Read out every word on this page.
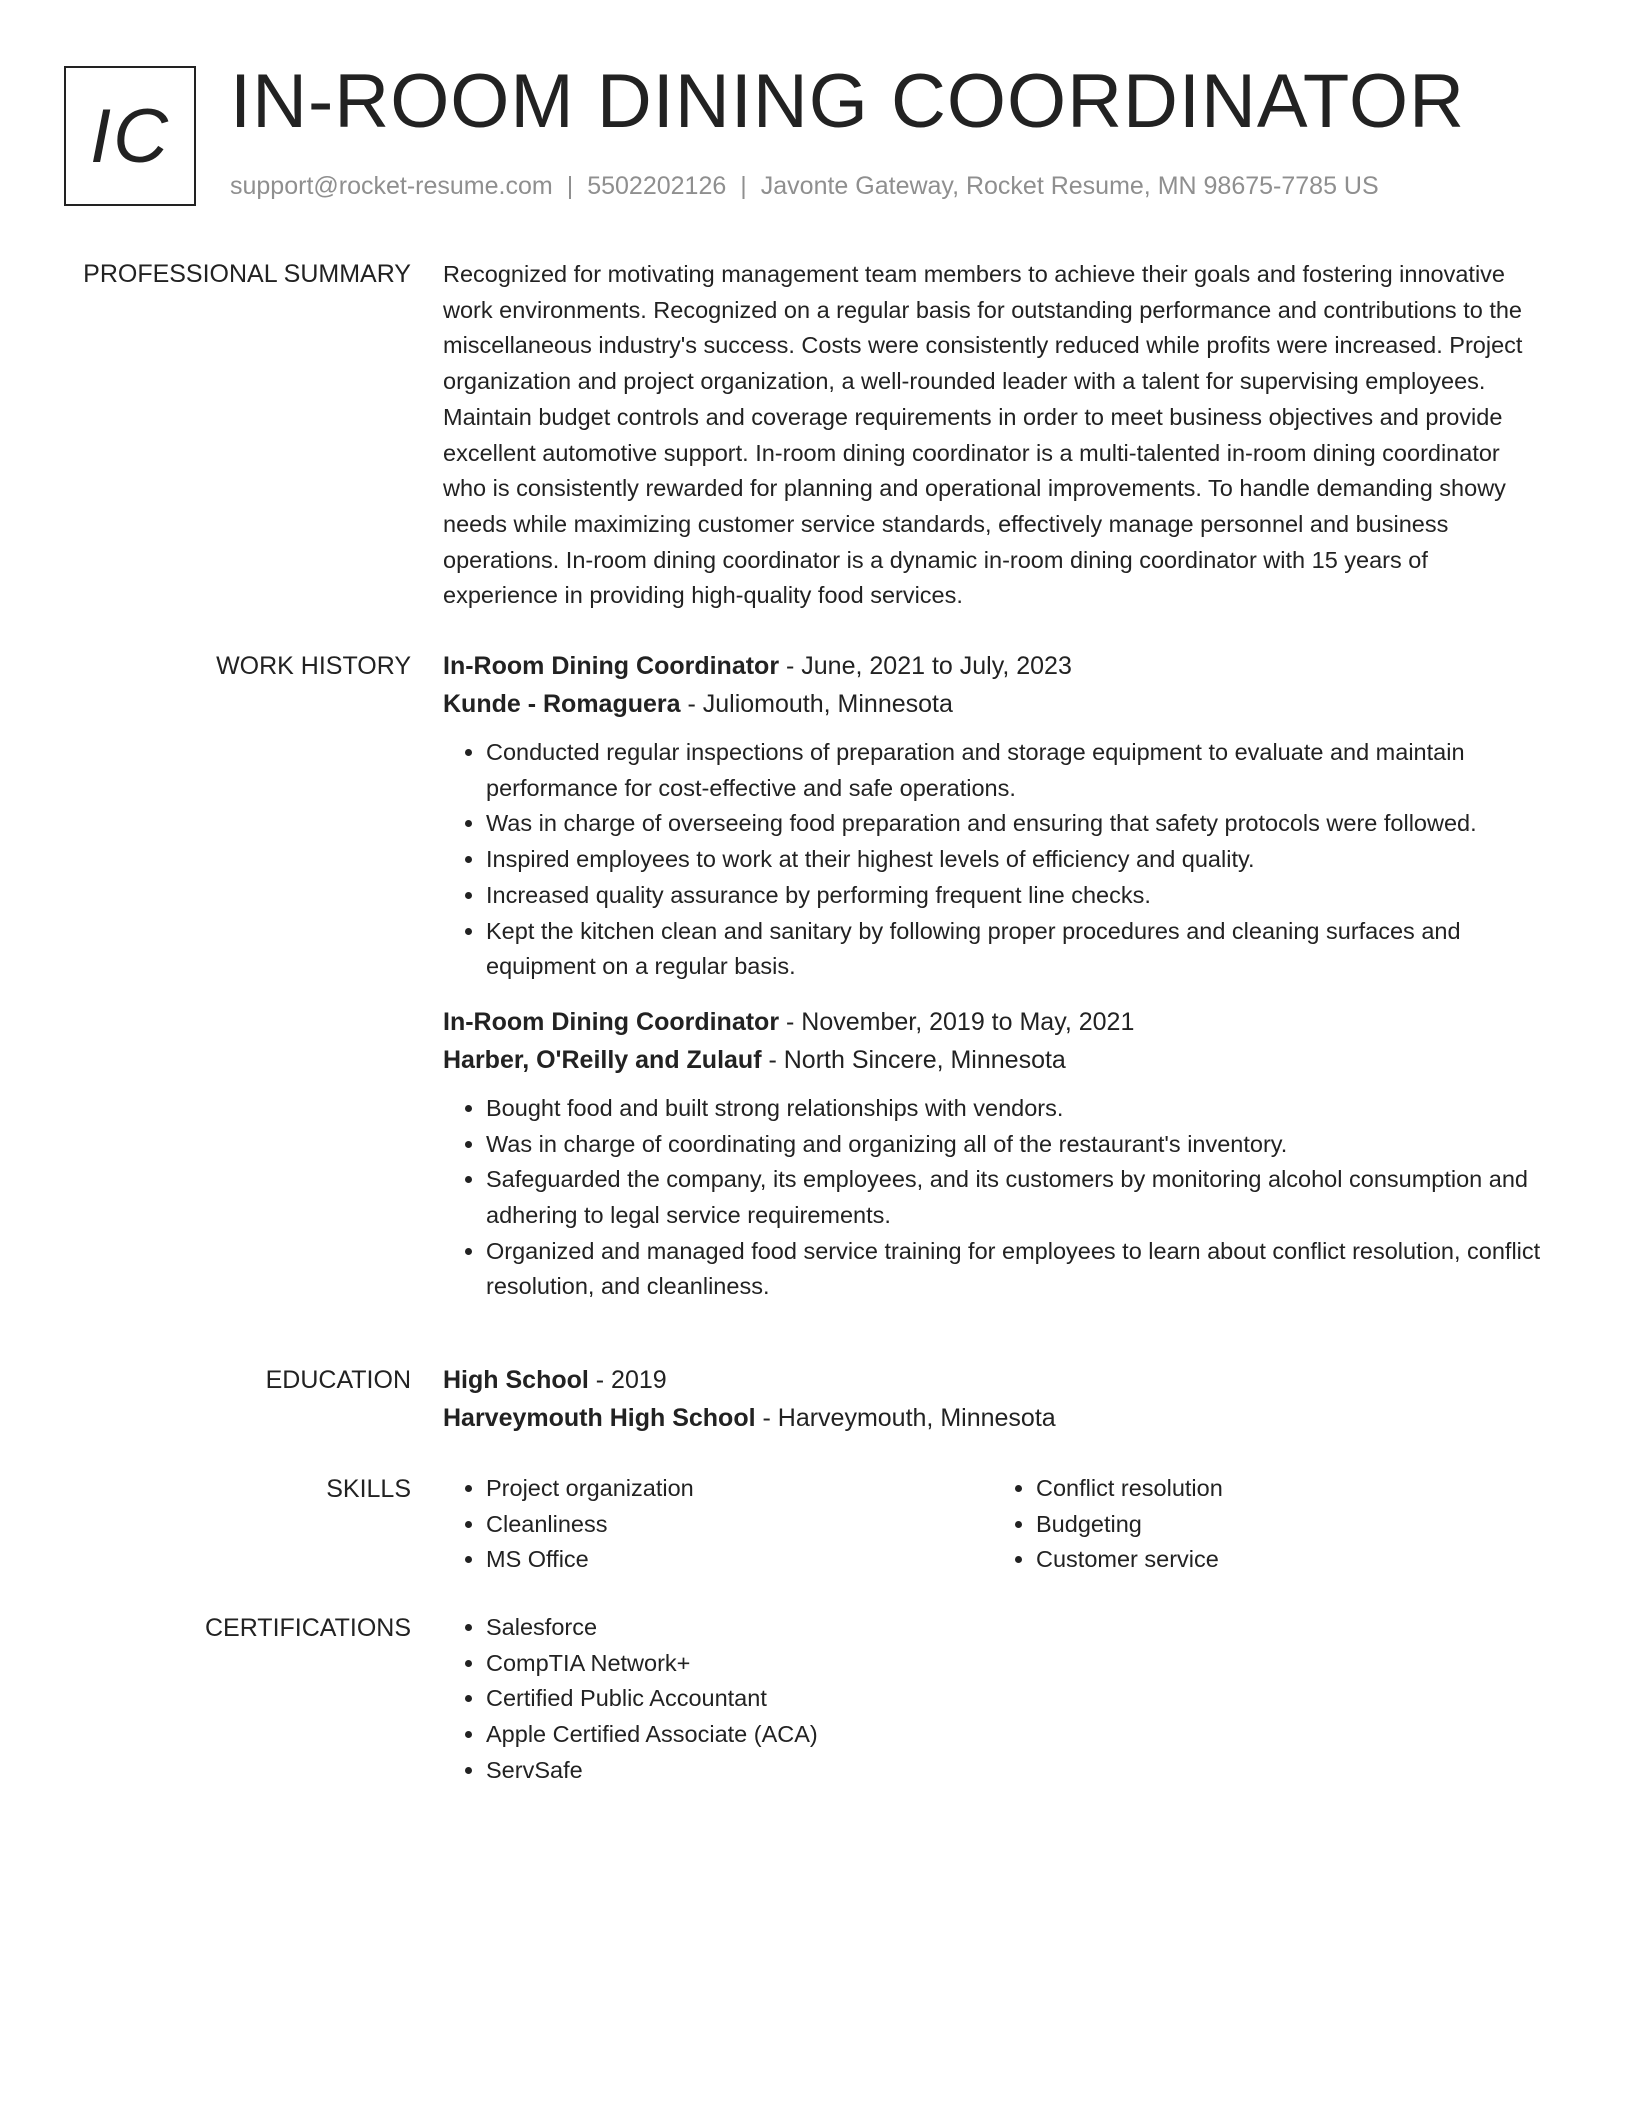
IC IN-ROOM DINING COORDINATOR
support@rocket-resume.com | 5502202126 | Javonte Gateway, Rocket Resume, MN 98675-7785 US
PROFESSIONAL SUMMARY Recognized for motivating management team members to achieve their goals and fostering innovative work environments. Recognized on a regular basis for outstanding performance and contributions to the miscellaneous industry's success. Costs were consistently reduced while profits were increased. Project organization and project organization, a well-rounded leader with a talent for supervising employees. Maintain budget controls and coverage requirements in order to meet business objectives and provide excellent automotive support. In-room dining coordinator is a multi-talented in-room dining coordinator who is consistently rewarded for planning and operational improvements. To handle demanding showy needs while maximizing customer service standards, effectively manage personnel and business operations. In-room dining coordinator is a dynamic in-room dining coordinator with 15 years of experience in providing high-quality food services.

WORK HISTORY In-Room Dining Coordinator - June, 2021 to July, 2023
Kunde - Romaguera - Juliomouth, Minnesota
• Conducted regular inspections of preparation and storage equipment to evaluate and maintain performance for cost-effective and safe operations.
• Was in charge of overseeing food preparation and ensuring that safety protocols were followed.
• Inspired employees to work at their highest levels of efficiency and quality.
• Increased quality assurance by performing frequent line checks.
• Kept the kitchen clean and sanitary by following proper procedures and cleaning surfaces and equipment on a regular basis.
In-Room Dining Coordinator - November, 2019 to May, 2021
Harber, O'Reilly and Zulauf - North Sincere, Minnesota
• Bought food and built strong relationships with vendors.
• Was in charge of coordinating and organizing all of the restaurant's inventory.
• Safeguarded the company, its employees, and its customers by monitoring alcohol consumption and adhering to legal service requirements.
• Organized and managed food service training for employees to learn about conflict resolution, conflict resolution, and cleanliness.
EDUCATION High School - 2019
Harveymouth High School - Harveymouth, Minnesota
SKILLS	• Project organization
• Cleanliness
• MS Office
• Conflict resolution
• Budgeting
• Customer service
CERTIFICATIONS	• Salesforce
• CompTIA Network+
• Certified Public Accountant
• Apple Certified Associate (ACA)
• ServSafe
